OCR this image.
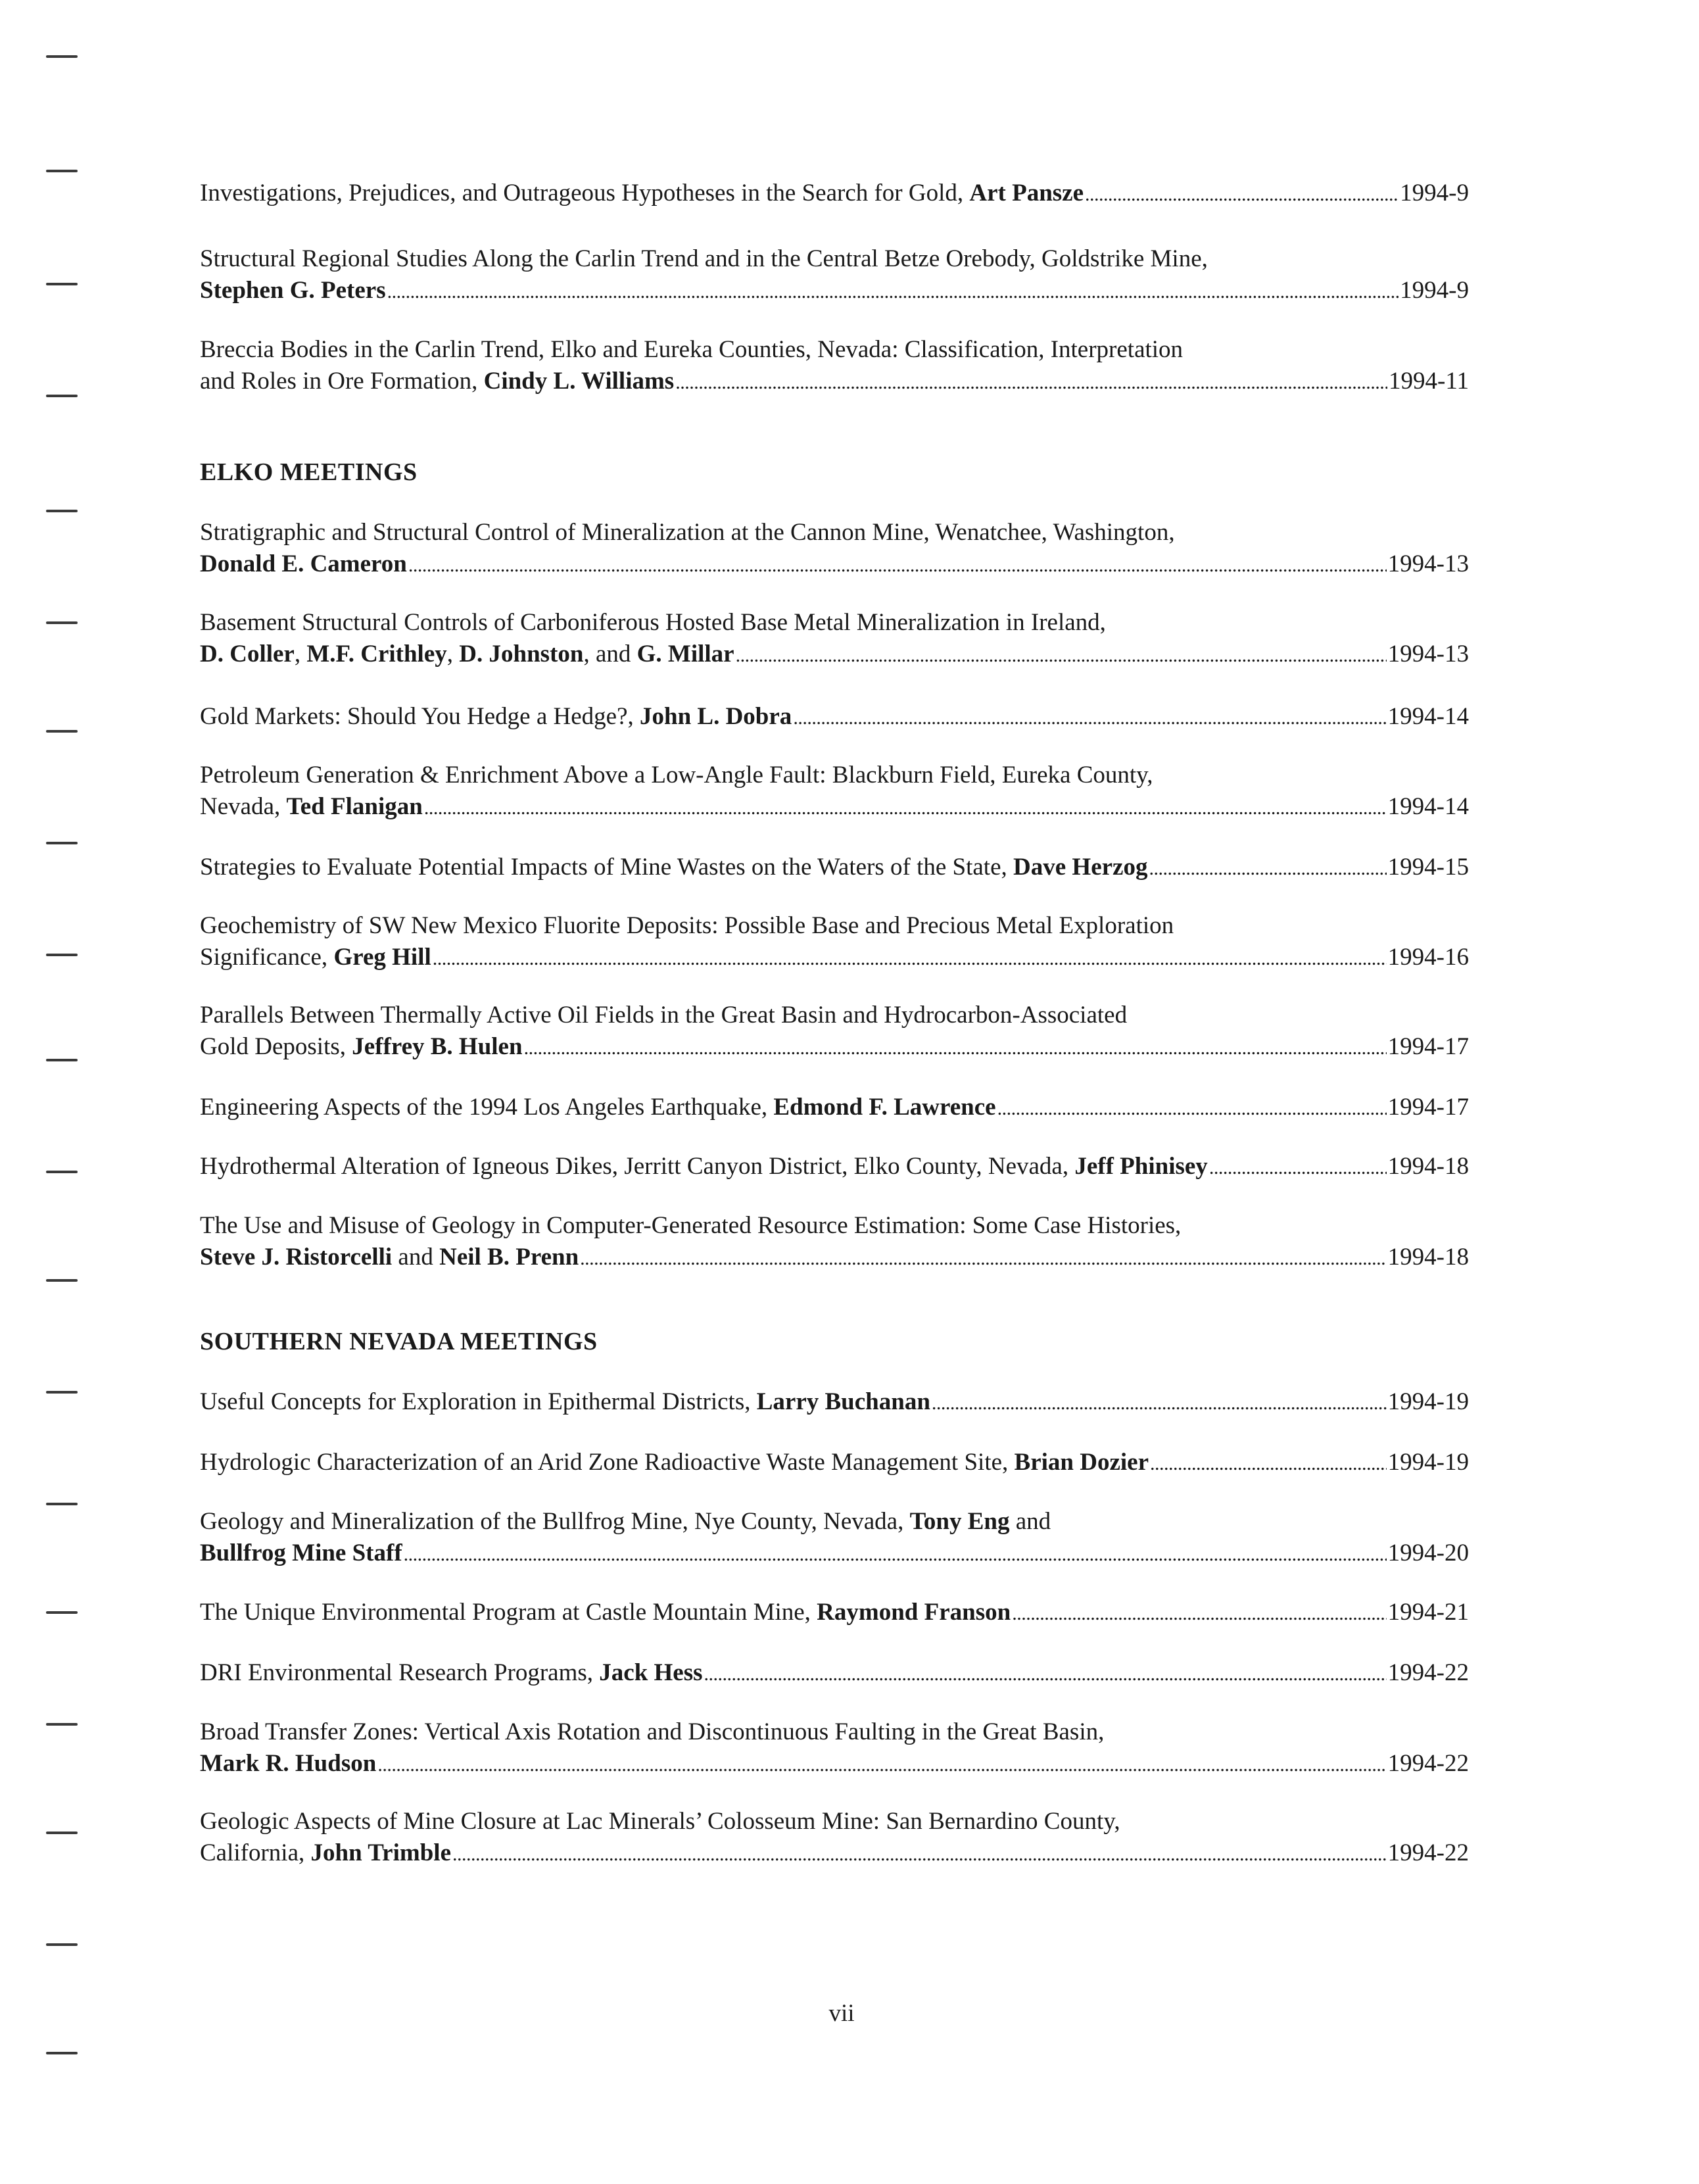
Investigations, Prejudices, and Outrageous Hypotheses in the Search for Gold, Art Pansze . . .	1994-9
Structural Regional Studies Along the Carlin Trend and in the Central Betze Orebody, Goldstrike Mine,
Stephen G. Peters . . .	1994-9
Breccia Bodies in the Carlin Trend, Elko and Eureka Counties, Nevada: Classification, Interpretation
and Roles in Ore Formation, Cindy L. Williams . . .	1994-11
ELKO MEETINGS
Stratigraphic and Structural Control of Mineralization at the Cannon Mine, Wenatchee, Washington,
Donald E. Cameron . . .	1994-13
Basement Structural Controls of Carboniferous Hosted Base Metal Mineralization in Ireland,
D. Coller, M.F. Crithley, D. Johnston, and G. Millar . . .	1994-13
Gold Markets: Should You Hedge a Hedge?, John L. Dobra . . .	1994-14
Petroleum Generation & Enrichment Above a Low-Angle Fault: Blackburn Field, Eureka County,
Nevada, Ted Flanigan . . .	1994-14
Strategies to Evaluate Potential Impacts of Mine Wastes on the Waters of the State, Dave Herzog . . .	1994-15
Geochemistry of SW New Mexico Fluorite Deposits: Possible Base and Precious Metal Exploration
Significance, Greg Hill . . .	1994-16
Parallels Between Thermally Active Oil Fields in the Great Basin and Hydrocarbon-Associated
Gold Deposits, Jeffrey B. Hulen . . .	1994-17
Engineering Aspects of the 1994 Los Angeles Earthquake, Edmond F. Lawrence . . .	1994-17
Hydrothermal Alteration of Igneous Dikes, Jerritt Canyon District, Elko County, Nevada, Jeff Phinisey . . .	1994-18
The Use and Misuse of Geology in Computer-Generated Resource Estimation: Some Case Histories,
Steve J. Ristorcelli and Neil B. Prenn . . .	1994-18
SOUTHERN NEVADA MEETINGS
Useful Concepts for Exploration in Epithermal Districts, Larry Buchanan . . .	1994-19
Hydrologic Characterization of an Arid Zone Radioactive Waste Management Site, Brian Dozier . . .	1994-19
Geology and Mineralization of the Bullfrog Mine, Nye County, Nevada, Tony Eng and
Bullfrog Mine Staff . . .	1994-20
The Unique Environmental Program at Castle Mountain Mine, Raymond Franson . . .	1994-21
DRI Environmental Research Programs, Jack Hess . . .	1994-22
Broad Transfer Zones: Vertical Axis Rotation and Discontinuous Faulting in the Great Basin,
Mark R. Hudson . . .	1994-22
Geologic Aspects of Mine Closure at Lac Minerals’ Colosseum Mine: San Bernardino County,
California, John Trimble . . .	1994-22
vii
